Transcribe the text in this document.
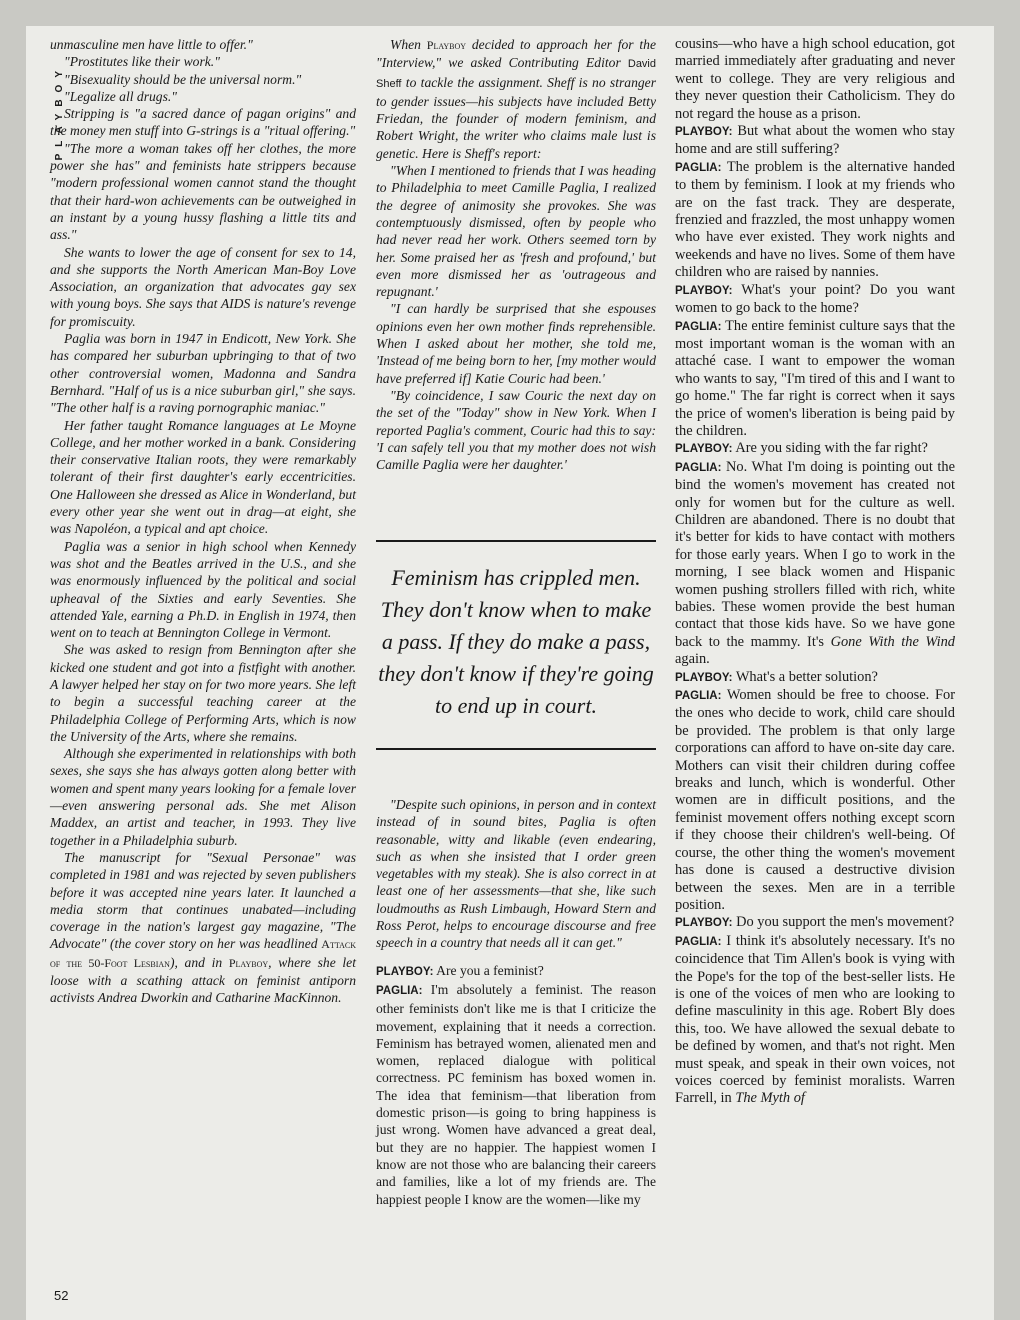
PLAYBOY
52

unmasculine men have little to offer."

"Prostitutes like their work."

"Bisexuality should be the universal norm."

"Legalize all drugs."

Stripping is "a sacred dance of pagan origins" and the money men stuff into G-strings is a "ritual offering."

"The more a woman takes off her clothes, the more power she has" and feminists hate strippers because "modern professional women cannot stand the thought that their hard-won achievements can be outweighed in an instant by a young hussy flashing a little tits and ass."

She wants to lower the age of consent for sex to 14, and she supports the North American Man-Boy Love Association, an organization that advocates gay sex with young boys. She says that AIDS is nature's revenge for promiscuity.

Paglia was born in 1947 in Endicott, New York. She has compared her suburban upbringing to that of two other controversial women, Madonna and Sandra Bernhard. "Half of us is a nice suburban girl," she says. "The other half is a raving pornographic maniac."

Her father taught Romance languages at Le Moyne College, and her mother worked in a bank. Considering their conservative Italian roots, they were remarkably tolerant of their first daughter's early eccentricities. One Halloween she dressed as Alice in Wonderland, but every other year she went out in drag—at eight, she was Napoléon, a typical and apt choice.

Paglia was a senior in high school when Kennedy was shot and the Beatles arrived in the U.S., and she was enormously influenced by the political and social upheaval of the Sixties and early Seventies. She attended Yale, earning a Ph.D. in English in 1974, then went on to teach at Bennington College in Vermont.

She was asked to resign from Bennington after she kicked one student and got into a fistfight with another. A lawyer helped her stay on for two more years. She left to begin a successful teaching career at the Philadelphia College of Performing Arts, which is now the University of the Arts, where she remains.

Although she experimented in relationships with both sexes, she says she has always gotten along better with women and spent many years looking for a female lover—even answering personal ads. She met Alison Maddex, an artist and teacher, in 1993. They live together in a Philadelphia suburb.

The manuscript for "Sexual Personae" was completed in 1981 and was rejected by seven publishers before it was accepted nine years later. It launched a media storm that continues unabated—including coverage in the nation's largest gay magazine, "The Advocate" (the cover story on her was headlined Attack of the 50-Foot Lesbian), and in Playboy, where she let loose with a scathing attack on feminist antiporn activists Andrea Dworkin and Catharine MacKinnon.

When Playboy decided to approach her for the "Interview," we asked Contributing Editor David Sheff to tackle the assignment. Sheff is no stranger to gender issues—his subjects have included Betty Friedan, the founder of modern feminism, and Robert Wright, the writer who claims male lust is genetic. Here is Sheff's report:

"When I mentioned to friends that I was heading to Philadelphia to meet Camille Paglia, I realized the degree of animosity she provokes. She was contemptuously dismissed, often by people who had never read her work. Others seemed torn by her. Some praised her as 'fresh and profound,' but even more dismissed her as 'outrageous and repugnant.'

"I can hardly be surprised that she espouses opinions even her own mother finds reprehensible. When I asked about her mother, she told me, 'Instead of me being born to her, [my mother would have preferred if] Katie Couric had been.'

"By coincidence, I saw Couric the next day on the set of the "Today" show in New York. When I reported Paglia's comment, Couric had this to say: 'I can safely tell you that my mother does not wish Camille Paglia were her daughter.'

Feminism has crippled men. They don't know when to make a pass. If they do make a pass, they don't know if they're going to end up in court.

"Despite such opinions, in person and in context instead of in sound bites, Paglia is often reasonable, witty and likable (even endearing, such as when she insisted that I order green vegetables with my steak). She is also correct in at least one of her assessments—that she, like such loudmouths as Rush Limbaugh, Howard Stern and Ross Perot, helps to encourage discourse and free speech in a country that needs all it can get."

PLAYBOY: Are you a feminist?

PAGLIA: I'm absolutely a feminist. The reason other feminists don't like me is that I criticize the movement, explaining that it needs a correction. Feminism has betrayed women, alienated men and women, replaced dialogue with political correctness. PC feminism has boxed women in. The idea that feminism—that liberation from domestic prison—is going to bring happiness is just wrong. Women have advanced a great deal, but they are no happier. The happiest women I know are not those who are balancing their careers and families, like a lot of my friends are. The happiest people I know are the women—like my

cousins—who have a high school education, got married immediately after graduating and never went to college. They are very religious and they never question their Catholicism. They do not regard the house as a prison.

PLAYBOY: But what about the women who stay home and are still suffering?

PAGLIA: The problem is the alternative handed to them by feminism. I look at my friends who are on the fast track. They are desperate, frenzied and frazzled, the most unhappy women who have ever existed. They work nights and weekends and have no lives. Some of them have children who are raised by nannies.

PLAYBOY: What's your point? Do you want women to go back to the home?

PAGLIA: The entire feminist culture says that the most important woman is the woman with an attaché case. I want to empower the woman who wants to say, "I'm tired of this and I want to go home." The far right is correct when it says the price of women's liberation is being paid by the children.

PLAYBOY: Are you siding with the far right?

PAGLIA: No. What I'm doing is pointing out the bind the women's movement has created not only for women but for the culture as well. Children are abandoned. There is no doubt that it's better for kids to have contact with mothers for those early years. When I go to work in the morning, I see black women and Hispanic women pushing strollers filled with rich, white babies. These women provide the best human contact that those kids have. So we have gone back to the mammy. It's Gone With the Wind again.

PLAYBOY: What's a better solution?

PAGLIA: Women should be free to choose. For the ones who decide to work, child care should be provided. The problem is that only large corporations can afford to have on-site day care. Mothers can visit their children during coffee breaks and lunch, which is wonderful. Other women are in difficult positions, and the feminist movement offers nothing except scorn if they choose their children's well-being. Of course, the other thing the women's movement has done is caused a destructive division between the sexes. Men are in a terrible position.

PLAYBOY: Do you support the men's movement?

PAGLIA: I think it's absolutely necessary. It's no coincidence that Tim Allen's book is vying with the Pope's for the top of the best-seller lists. He is one of the voices of men who are looking to define masculinity in this age. Robert Bly does this, too. We have allowed the sexual debate to be defined by women, and that's not right. Men must speak, and speak in their own voices, not voices coerced by feminist moralists. Warren Farrell, in The Myth of
